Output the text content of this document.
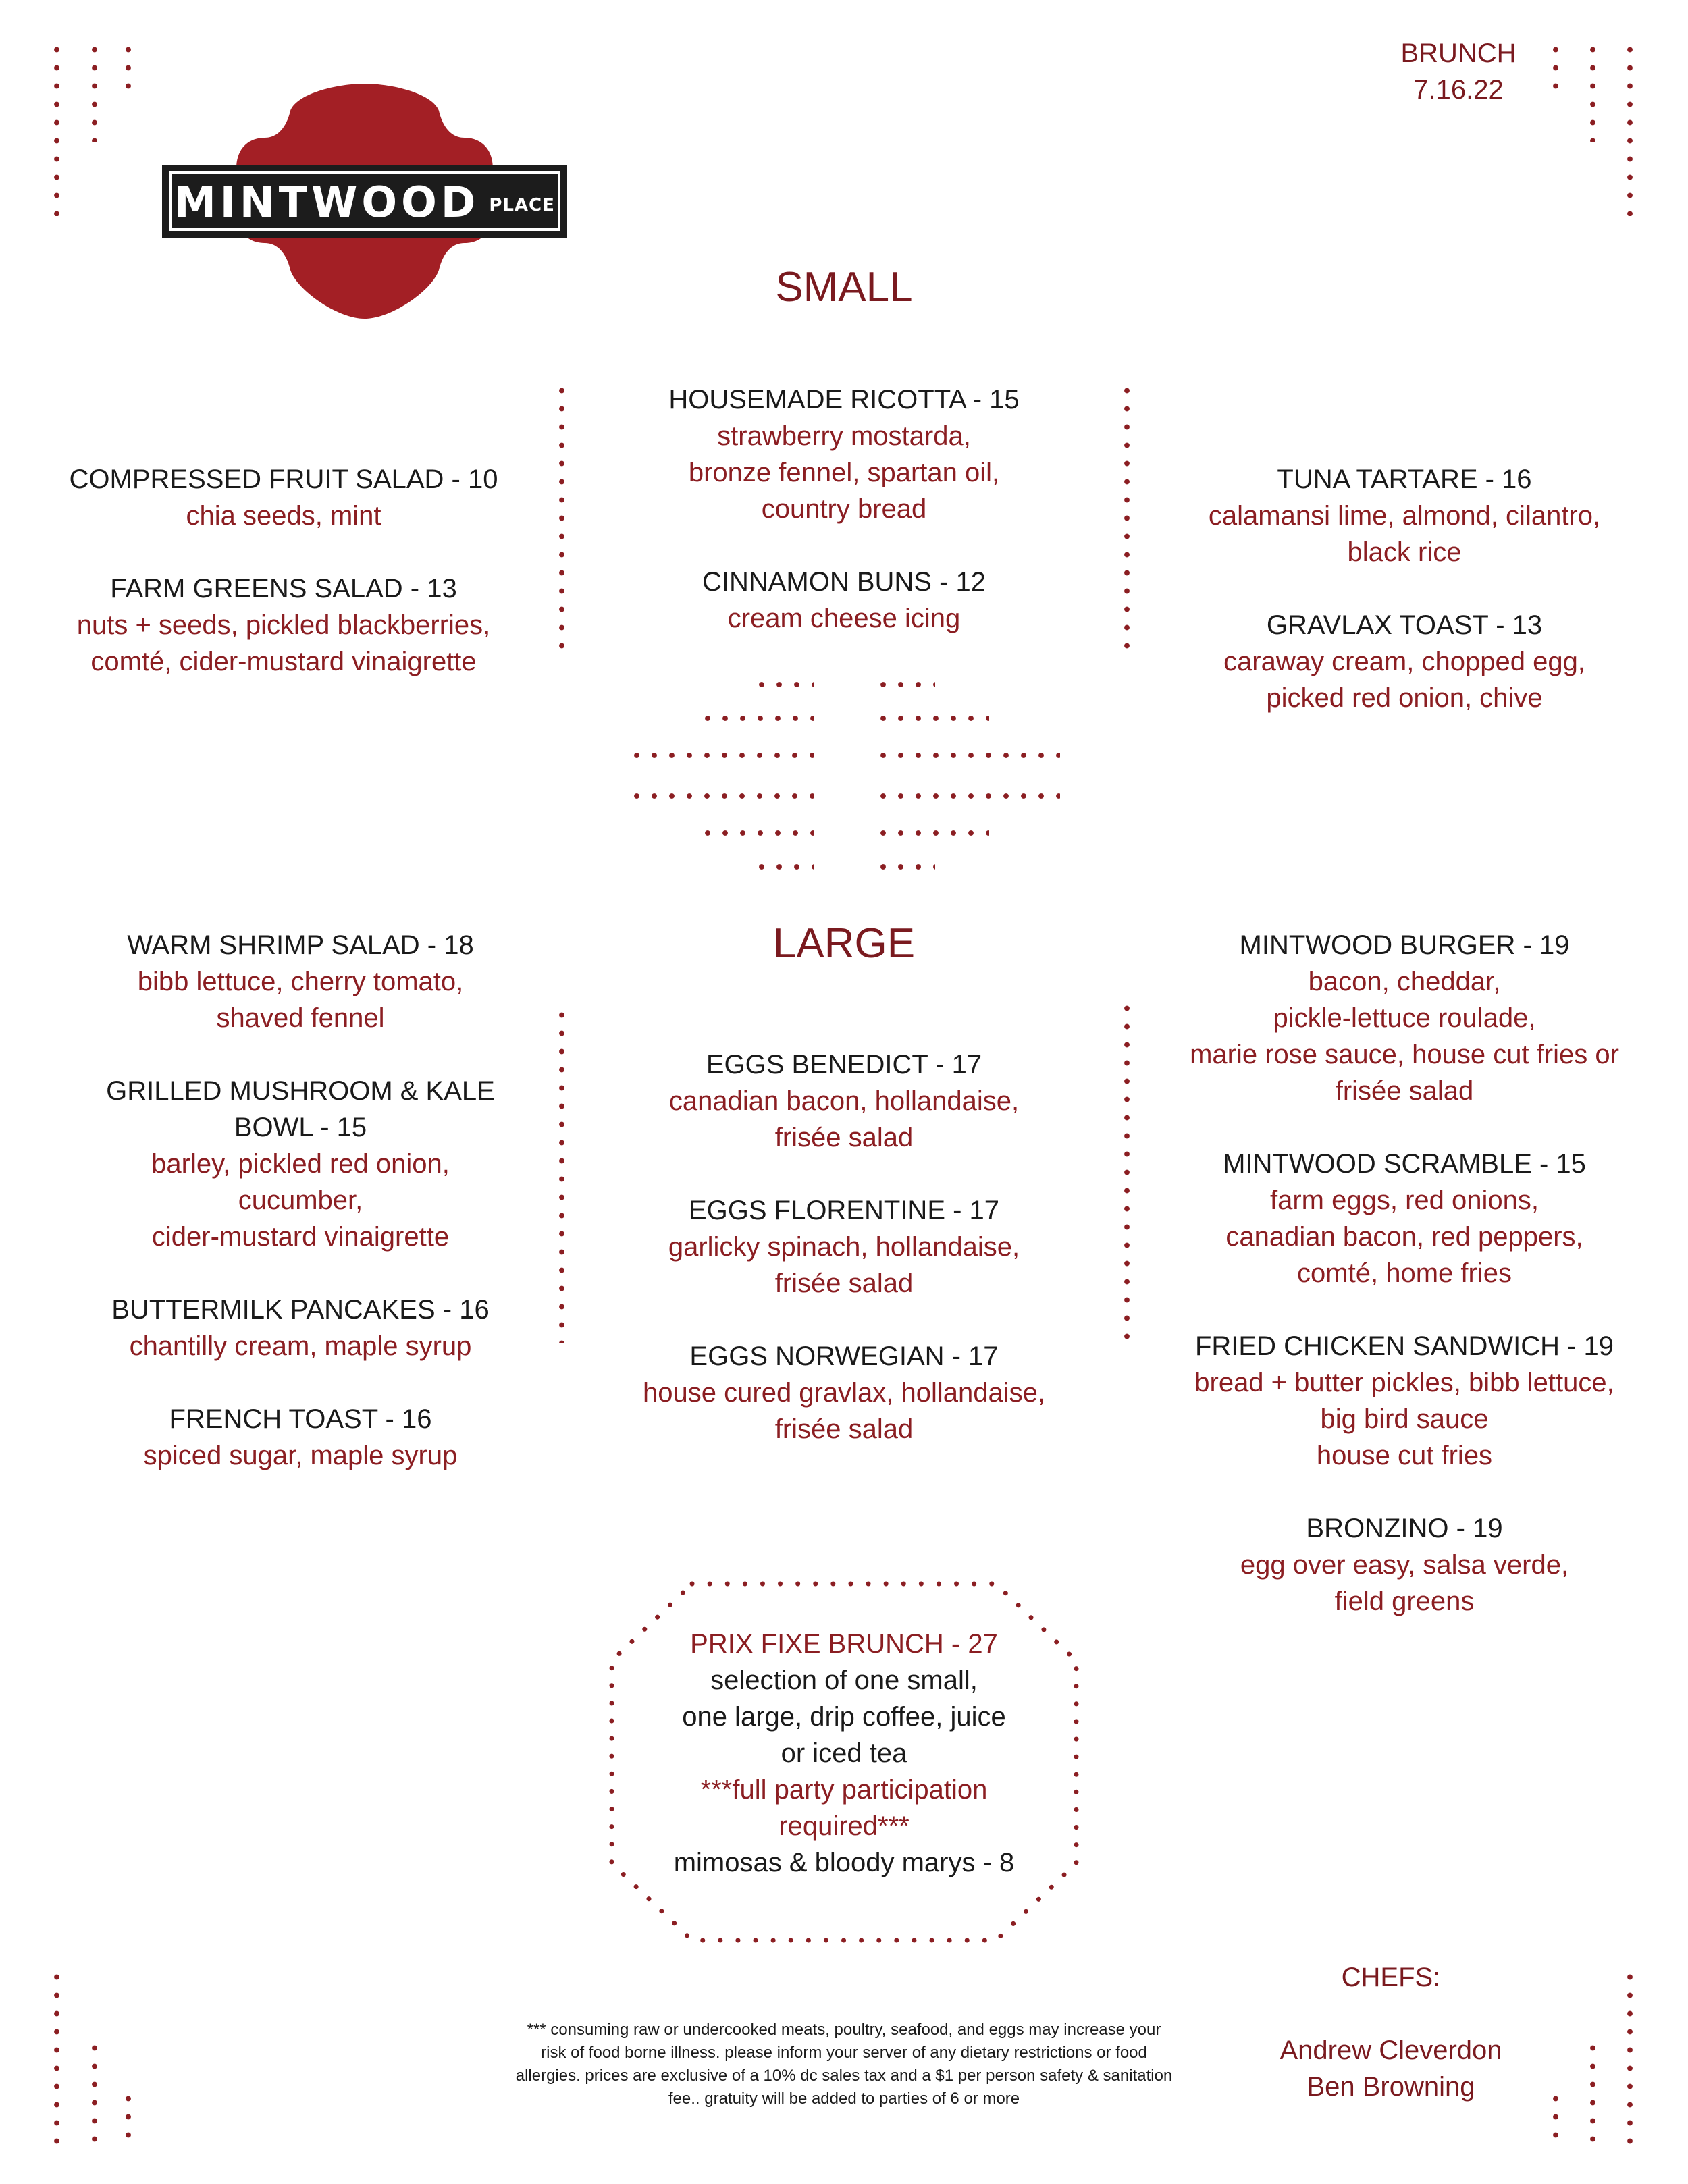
MINTWOOD PLACE
BRUNCH
7.16.22
SMALL
COMPRESSED FRUIT SALAD - 10
chia seeds, mint
FARM GREENS SALAD - 13
nuts + seeds, pickled blackberries,
comté, cider-mustard vinaigrette
HOUSEMADE RICOTTA - 15
strawberry mostarda,
bronze fennel, spartan oil,
country bread
CINNAMON BUNS - 12
cream cheese icing
TUNA TARTARE - 16
calamansi lime, almond, cilantro,
black rice
GRAVLAX TOAST - 13
caraway cream, chopped egg,
picked red onion, chive
LARGE
WARM SHRIMP SALAD - 18
bibb lettuce, cherry tomato,
shaved fennel
GRILLED MUSHROOM & KALE
BOWL - 15
barley, pickled red onion,
cucumber,
cider-mustard vinaigrette
BUTTERMILK PANCAKES - 16
chantilly cream, maple syrup
FRENCH TOAST - 16
spiced sugar, maple syrup
EGGS BENEDICT - 17
canadian bacon, hollandaise,
frisée salad
EGGS FLORENTINE - 17
garlicky spinach, hollandaise,
frisée salad
EGGS NORWEGIAN - 17
house cured gravlax, hollandaise,
frisée salad
MINTWOOD BURGER - 19
bacon, cheddar,
pickle-lettuce roulade,
marie rose sauce, house cut fries or
frisée salad
MINTWOOD SCRAMBLE - 15
farm eggs, red onions,
canadian bacon, red peppers,
comté, home fries
FRIED CHICKEN SANDWICH - 19
bread + butter pickles, bibb lettuce,
big bird sauce
house cut fries
BRONZINO - 19
egg over easy, salsa verde,
field greens
PRIX FIXE BRUNCH - 27
selection of one small,
one large, drip coffee, juice
or iced tea
***full party participation
required***
mimosas & bloody marys - 8
*** consuming raw or undercooked meats, poultry, seafood, and eggs may increase your
risk of food borne illness. please inform your server of any dietary restrictions or food
allergies. prices are exclusive of a 10% dc sales tax and a $1 per person safety & sanitation
fee.. gratuity will be added to parties of 6 or more
CHEFS:
Andrew Cleverdon
Ben Browning
